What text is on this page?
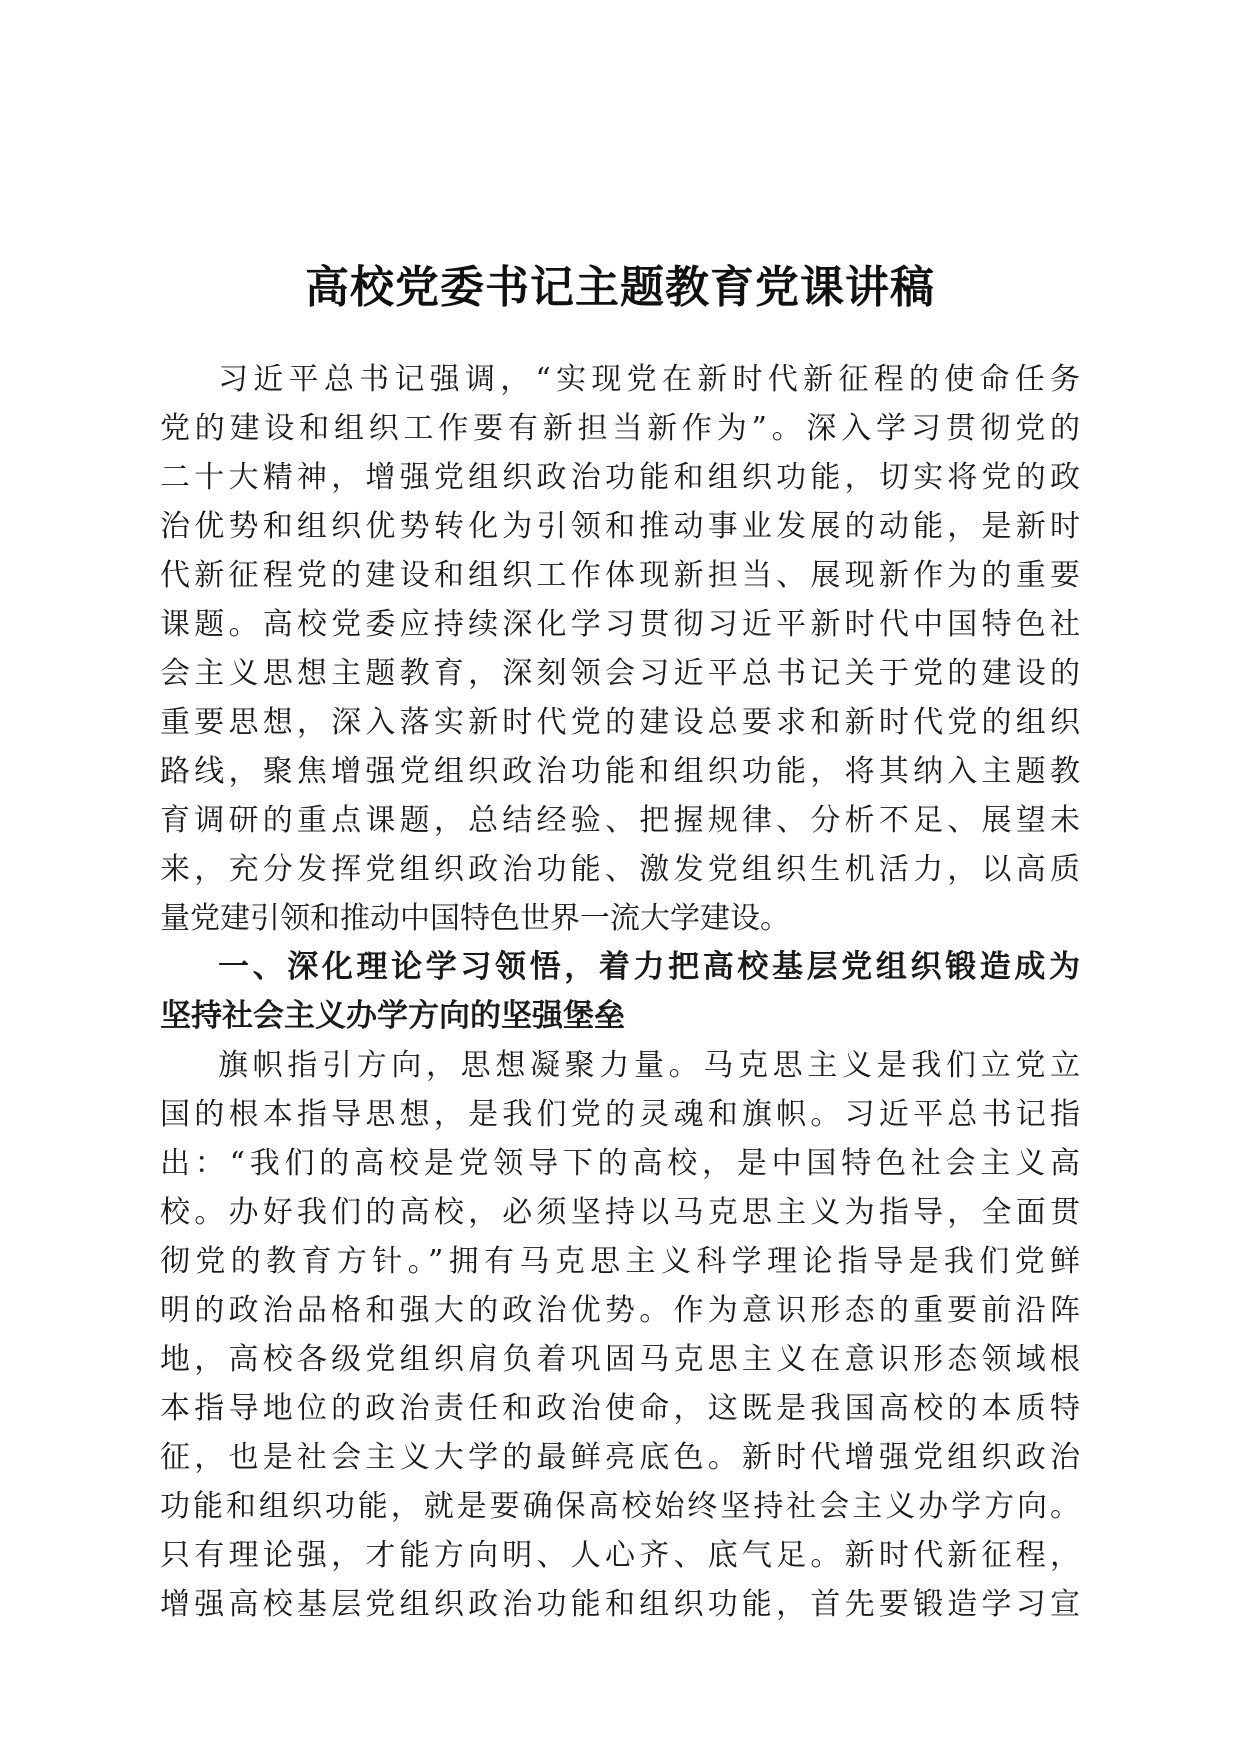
高校党委书记主题教育党课讲稿
习近平总书记强调，“实现党在新时代新征程的使命任务
党的建设和组织工作要有新担当新作为”。深入学习贯彻党的
二十大精神，增强党组织政治功能和组织功能，切实将党的政
治优势和组织优势转化为引领和推动事业发展的动能，是新时
代新征程党的建设和组织工作体现新担当、展现新作为的重要
课题。高校党委应持续深化学习贯彻习近平新时代中国特色社
会主义思想主题教育，深刻领会习近平总书记关于党的建设的
重要思想，深入落实新时代党的建设总要求和新时代党的组织
路线，聚焦增强党组织政治功能和组织功能，将其纳入主题教
育调研的重点课题，总结经验、把握规律、分析不足、展望未
来，充分发挥党组织政治功能、激发党组织生机活力，以高质
量党建引领和推动中国特色世界一流大学建设。
一、深化理论学习领悟，着力把高校基层党组织锻造成为
坚持社会主义办学方向的坚强堡垒
旗帜指引方向，思想凝聚力量。马克思主义是我们立党立
国的根本指导思想，是我们党的灵魂和旗帜。习近平总书记指
出：“我们的高校是党领导下的高校，是中国特色社会主义高
校。办好我们的高校，必须坚持以马克思主义为指导，全面贯
彻党的教育方针。”拥有马克思主义科学理论指导是我们党鲜
明的政治品格和强大的政治优势。作为意识形态的重要前沿阵
地，高校各级党组织肩负着巩固马克思主义在意识形态领域根
本指导地位的政治责任和政治使命，这既是我国高校的本质特
征，也是社会主义大学的最鲜亮底色。新时代增强党组织政治
功能和组织功能，就是要确保高校始终坚持社会主义办学方向。
只有理论强，才能方向明、人心齐、底气足。新时代新征程，
增强高校基层党组织政治功能和组织功能，首先要锻造学习宣
